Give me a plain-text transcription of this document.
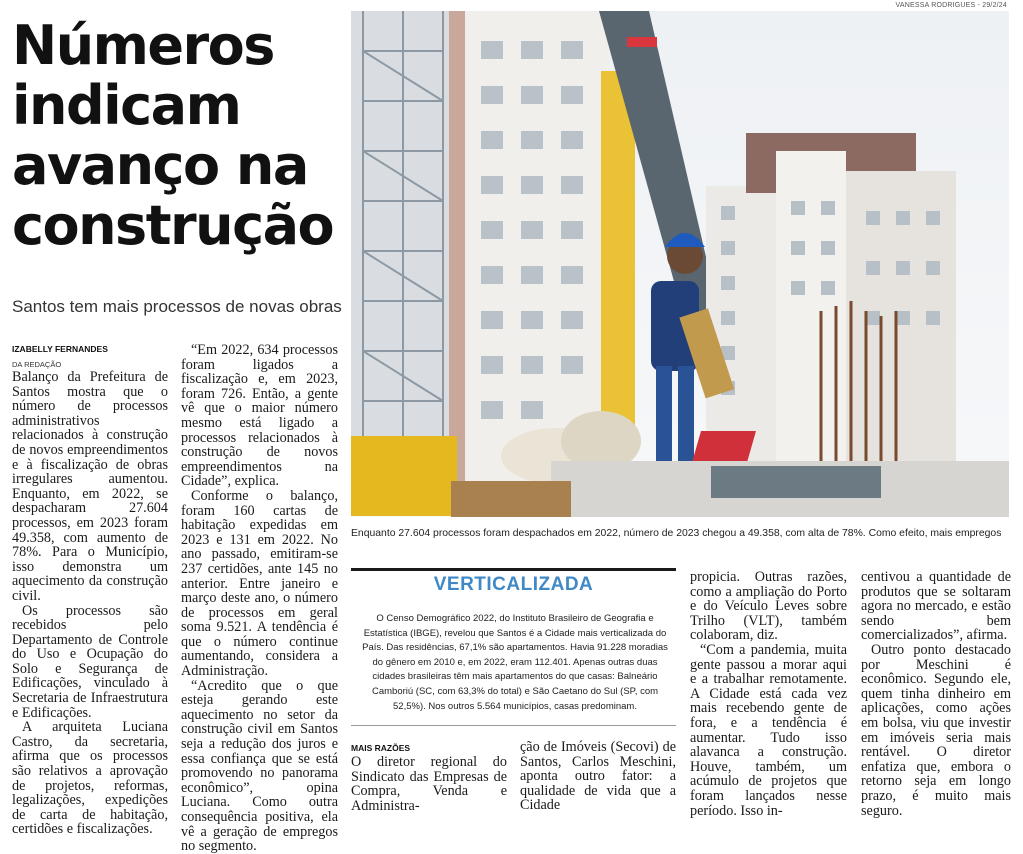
Números indicam avanço na construção

Santos tem mais processos de novas obras

IZABELLY FERNANDES
DA REDAÇÃO

Balanço da Prefeitura de Santos mostra que o número de processos administrativos relacionados à construção de novos empreendimentos e à fiscalização de obras irregulares aumentou. Enquanto, em 2022, se despacharam 27.604 processos, em 2023 foram 49.358, com aumento de 78%. Para o Município, isso demonstra um aquecimento da construção civil.

Os processos são recebidos pelo Departamento de Controle do Uso e Ocupação do Solo e Segurança de Edificações, vinculado à Secretaria de Infraestrutura e Edificações.

A arquiteta Luciana Castro, da secretaria, afirma que os processos são relativos a aprovação de projetos, reformas, legalizações, expedições de carta de habitação, certidões e fiscalizações.

“Em 2022, 634 processos foram ligados a fiscalização e, em 2023, foram 726. Então, a gente vê que o maior número mesmo está ligado a processos relacionados à construção de novos empreendimentos na Cidade”, explica.

Conforme o balanço, foram 160 cartas de habitação expedidas em 2023 e 131 em 2022. No ano passado, emitiram-se 237 certidões, ante 145 no anterior. Entre janeiro e março deste ano, o número de processos em geral soma 9.521. A tendência é que o número continue aumentando, considera a Administração.

“Acredito que o que esteja gerando este aquecimento no setor da construção civil em Santos seja a redução dos juros e essa confiança que se está promovendo no panorama econômico”, opina Luciana. Como outra consequência positiva, ela vê a geração de empregos no segmento.

VANESSA RODRIGUES - 29/2/24
Enquanto 27.604 processos foram despachados em 2022, número de 2023 chegou a 49.358, com alta de 78%. Como efeito, mais empregos
VERTICALIZADA
O Censo Demográfico 2022, do Instituto Brasileiro de Geografia e Estatística (IBGE), revelou que Santos é a Cidade mais verticalizada do País. Das residências, 67,1% são apartamentos. Havia 91.228 moradias do gênero em 2010 e, em 2022, eram 112.401. Apenas outras duas cidades brasileiras têm mais apartamentos do que casas: Balneário Camboriú (SC, com 63,3% do total) e São Caetano do Sul (SP, com 52,5%). Nos outros 5.564 municípios, casas predominam.
MAIS RAZÕES

O diretor regional do Sindicato das Empresas de Compra, Venda e Administra-

ção de Imóveis (Secovi) de Santos, Carlos Meschini, aponta outro fator: a qualidade de vida que a Cidade

propicia. Outras razões, como a ampliação do Porto e do Veículo Leves sobre Trilho (VLT), também colaboram, diz.

“Com a pandemia, muita gente passou a morar aqui e a trabalhar remotamente. A Cidade está cada vez mais recebendo gente de fora, e a tendência é aumentar. Tudo isso alavanca a construção. Houve, também, um acúmulo de projetos que foram lançados nesse período. Isso in-

centivou a quantidade de produtos que se soltaram agora no mercado, e estão sendo bem comercializados”, afirma.

Outro ponto destacado por Meschini é econômico. Segundo ele, quem tinha dinheiro em aplicações, como ações em bolsa, viu que investir em imóveis seria mais rentável. O diretor enfatiza que, embora o retorno seja em longo prazo, é muito mais seguro.
